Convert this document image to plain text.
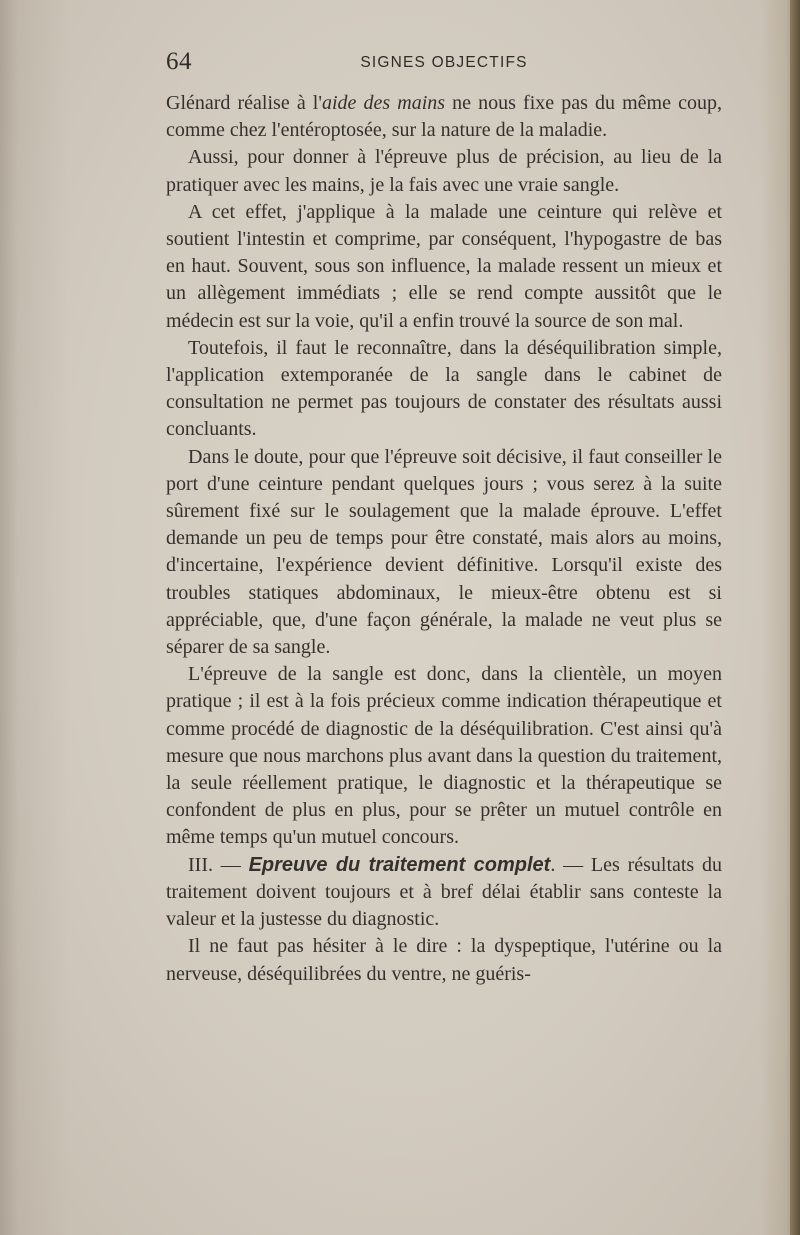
64	SIGNES OBJECTIFS

Glénard réalise à l'aide des mains ne nous fixe pas du même coup, comme chez l'entéroptosée, sur la nature de la maladie.

Aussi, pour donner à l'épreuve plus de précision, au lieu de la pratiquer avec les mains, je la fais avec une vraie sangle.

A cet effet, j'applique à la malade une ceinture qui relève et soutient l'intestin et comprime, par conséquent, l'hypogastre de bas en haut. Souvent, sous son influence, la malade ressent un mieux et un allègement immédiats ; elle se rend compte aussitôt que le médecin est sur la voie, qu'il a enfin trouvé la source de son mal.

Toutefois, il faut le reconnaître, dans la déséquilibration simple, l'application extemporanée de la sangle dans le cabinet de consultation ne permet pas toujours de constater des résultats aussi concluants.

Dans le doute, pour que l'épreuve soit décisive, il faut conseiller le port d'une ceinture pendant quelques jours ; vous serez à la suite sûrement fixé sur le soulagement que la malade éprouve. L'effet demande un peu de temps pour être constaté, mais alors au moins, d'incertaine, l'expérience devient définitive. Lorsqu'il existe des troubles statiques abdominaux, le mieux-être obtenu est si appréciable, que, d'une façon générale, la malade ne veut plus se séparer de sa sangle.

L'épreuve de la sangle est donc, dans la clientèle, un moyen pratique ; il est à la fois précieux comme indication thérapeutique et comme procédé de diagnostic de la déséquilibration. C'est ainsi qu'à mesure que nous marchons plus avant dans la question du traitement, la seule réellement pratique, le diagnostic et la thérapeutique se confondent de plus en plus, pour se prêter un mutuel contrôle en même temps qu'un mutuel concours.

III. — Epreuve du traitement complet. — Les résultats du traitement doivent toujours et à bref délai établir sans conteste la valeur et la justesse du diagnostic.

Il ne faut pas hésiter à le dire : la dyspeptique, l'utérine ou la nerveuse, déséquilibrées du ventre, ne guéris-
